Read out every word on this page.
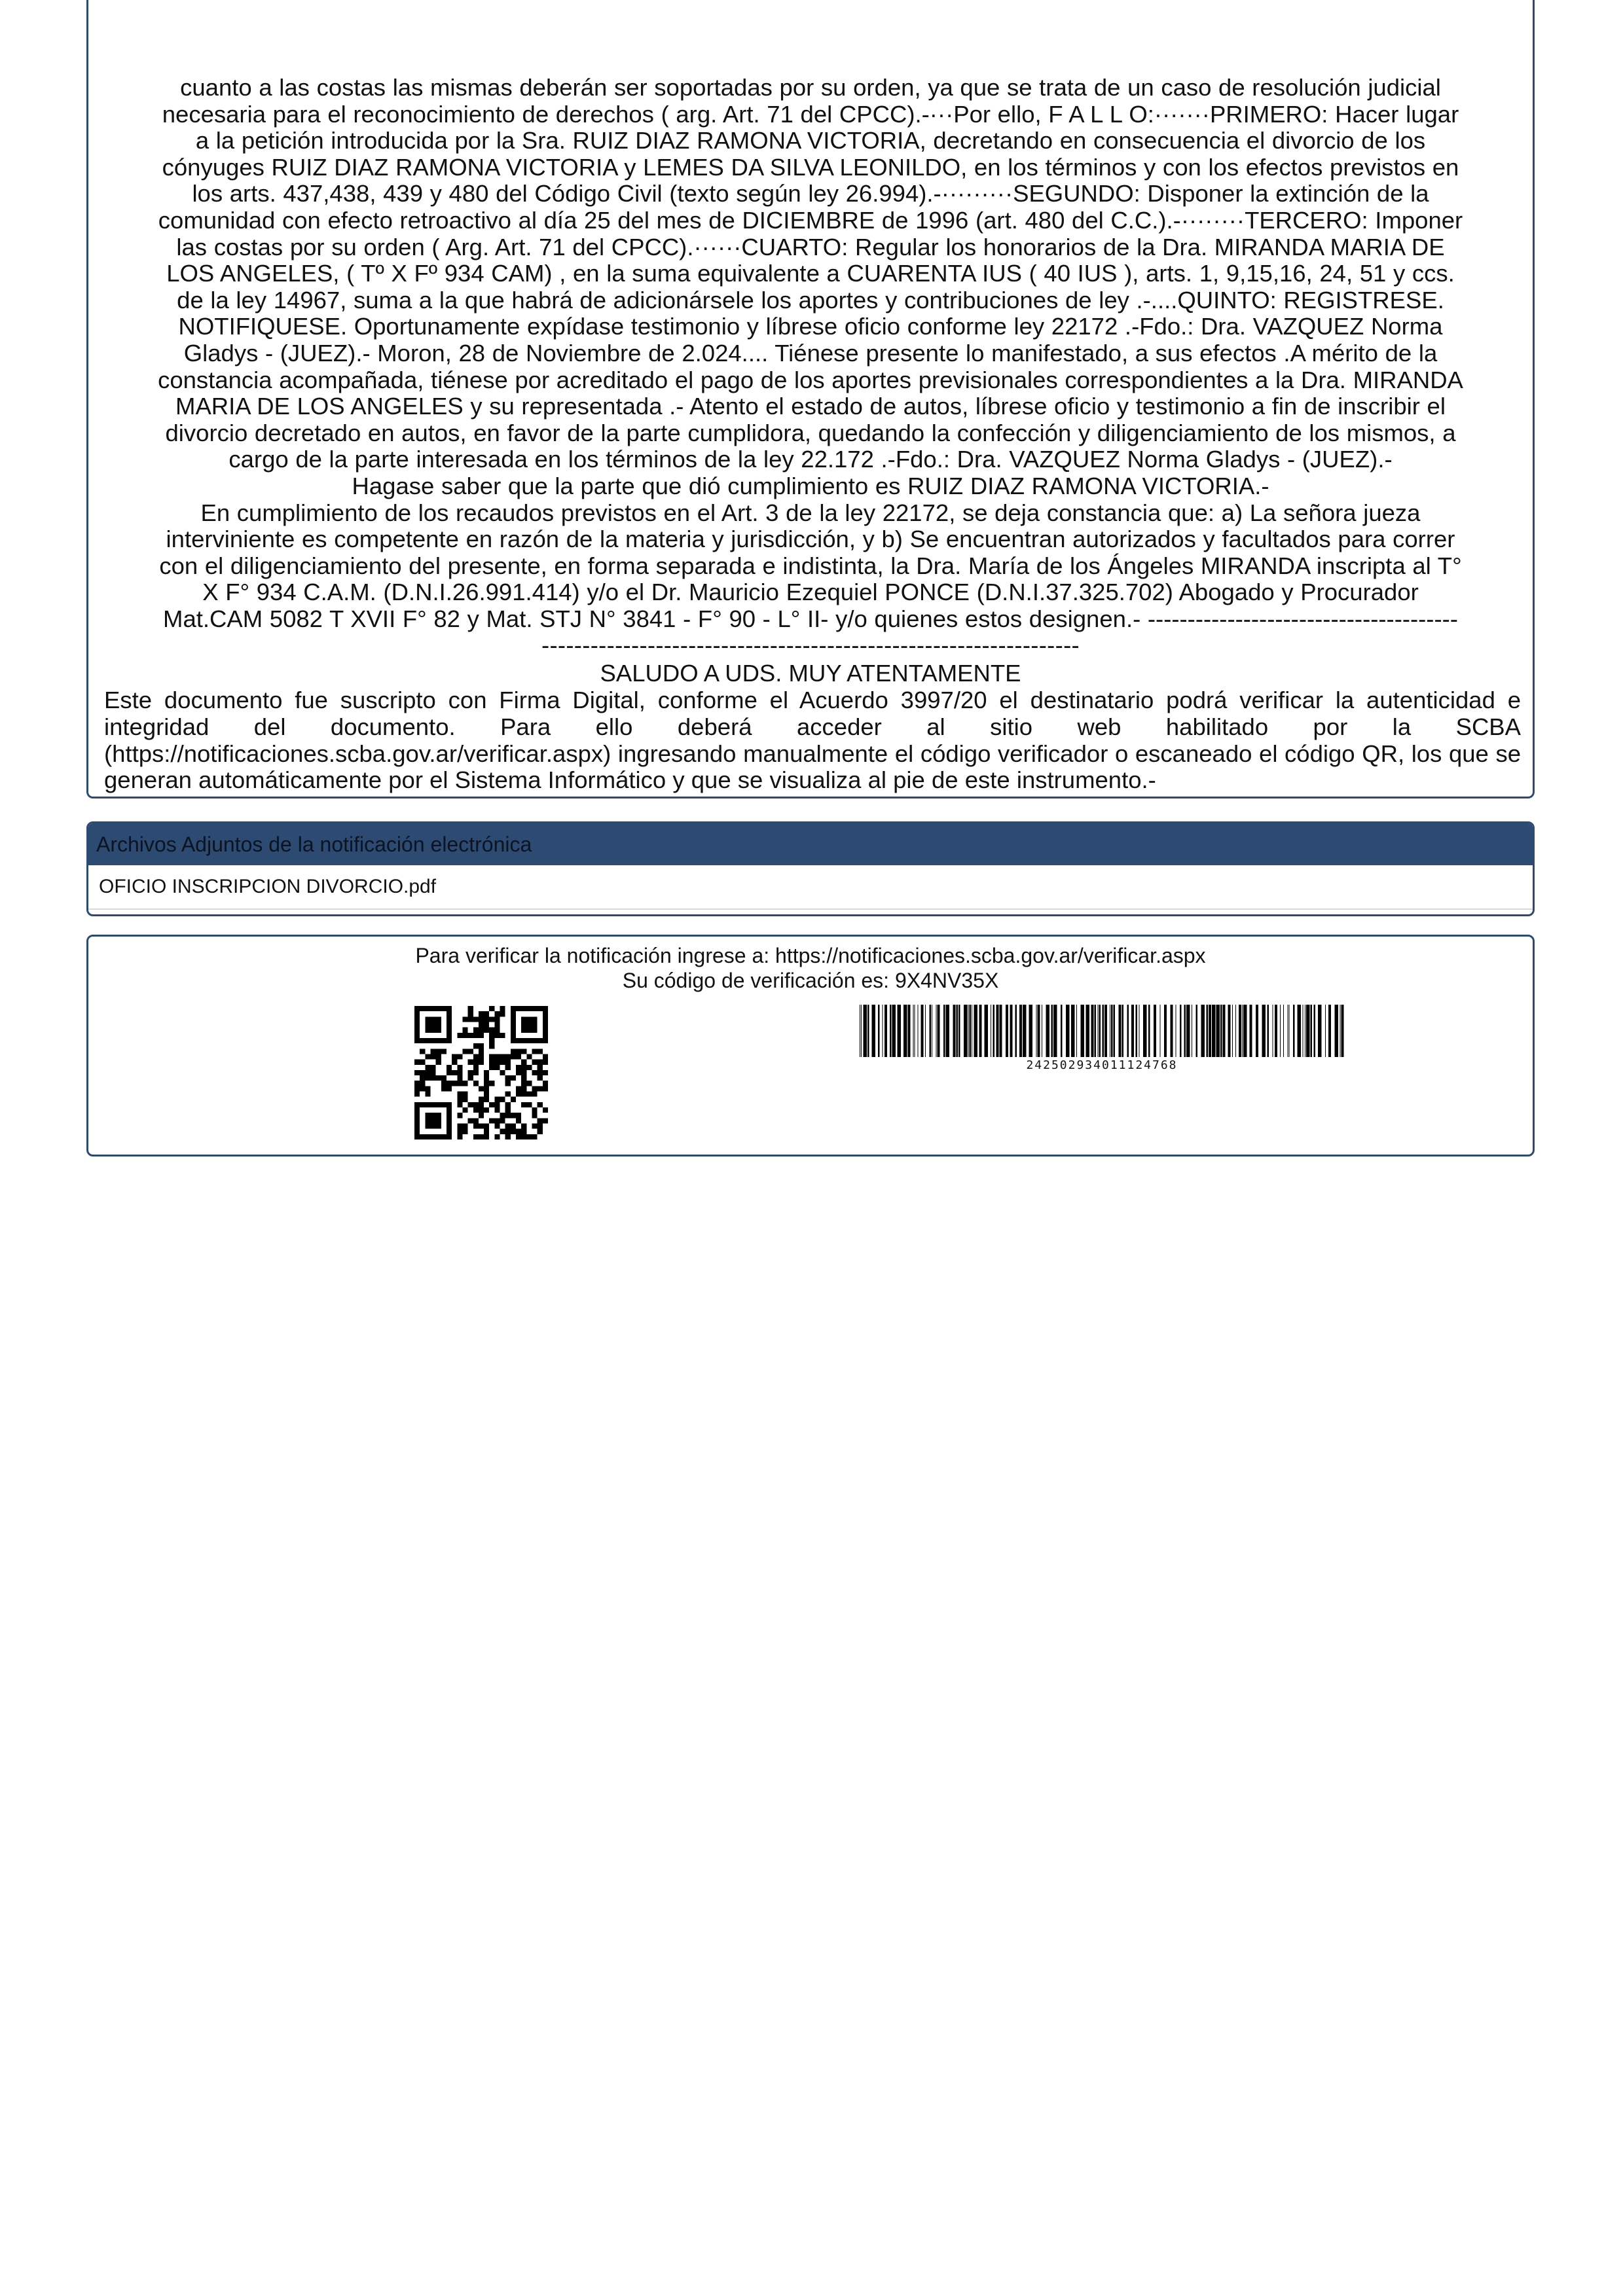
cuanto a las costas las mismas deberán ser soportadas por su orden, ya que se trata de un caso de resolución judicial

necesaria para el reconocimiento de derechos ( arg. Art. 71 del CPCC).-···Por ello, F A L L O:·······PRIMERO: Hacer lugar

a la petición introducida por la Sra. RUIZ DIAZ RAMONA VICTORIA, decretando en consecuencia el divorcio de los

cónyuges RUIZ DIAZ RAMONA VICTORIA y LEMES DA SILVA LEONILDO, en los términos y con los efectos previstos en

los arts. 437,438, 439 y 480 del Código Civil (texto según ley 26.994).-·········SEGUNDO: Disponer la extinción de la

comunidad con efecto retroactivo al día 25 del mes de DICIEMBRE de 1996 (art. 480 del C.C.).-········TERCERO: Imponer

las costas por su orden ( Arg. Art. 71 del CPCC).······CUARTO: Regular los honorarios de la Dra. MIRANDA MARIA DE

LOS ANGELES, ( Tº X Fº 934 CAM) , en la suma equivalente a CUARENTA IUS ( 40 IUS ), arts. 1, 9,15,16, 24, 51 y ccs.

de la ley 14967, suma a la que habrá de adicionársele los aportes y contribuciones de ley .-....QUINTO: REGISTRESE.

NOTIFIQUESE. Oportunamente expídase testimonio y líbrese oficio conforme ley 22172 .-Fdo.: Dra. VAZQUEZ Norma

Gladys - (JUEZ).- Moron, 28 de Noviembre de 2.024.... Tiénese presente lo manifestado, a sus efectos .A mérito de la

constancia acompañada, tiénese por acreditado el pago de los aportes previsionales correspondientes a la Dra. MIRANDA

MARIA DE LOS ANGELES y su representada .- Atento el estado de autos, líbrese oficio y testimonio a fin de inscribir el

divorcio decretado en autos, en favor de la parte cumplidora, quedando la confección y diligenciamiento de los mismos, a

cargo de la parte interesada en los términos de la ley 22.172 .-Fdo.: Dra. VAZQUEZ Norma Gladys - (JUEZ).-

Hagase saber que la parte que dió cumplimiento es RUIZ DIAZ RAMONA VICTORIA.-

En cumplimiento de los recaudos previstos en el Art. 3 de la ley 22172, se deja constancia que: a) La señora jueza

interviniente es competente en razón de la materia y jurisdicción, y b) Se encuentran autorizados y facultados para correr

con el diligenciamiento del presente, en forma separada e indistinta, la Dra. María de los Ángeles MIRANDA inscripta al T°

X F° 934 C.A.M. (D.N.I.26.991.414) y/o el Dr. Mauricio Ezequiel PONCE (D.N.I.37.325.702) Abogado y Procurador

Mat.CAM 5082 T XVII F° 82 y Mat. STJ N° 3841 - F° 90 - L° II- y/o quienes estos designen.- ---------------------------------------

------------------------------------------------------------------

SALUDO A UDS. MUY ATENTAMENTE

Este documento fue suscripto con Firma Digital, conforme el Acuerdo 3997/20 el destinatario podrá verificar la autenticidad e integridad del documento. Para ello deberá acceder al sitio web habilitado por la SCBA (https://notificaciones.scba.gov.ar/verificar.aspx) ingresando manualmente el código verificador o escaneado el código QR, los que se generan automáticamente por el Sistema Informático y que se visualiza al pie de este instrumento.-

Archivos Adjuntos de la notificación electrónica
OFICIO INSCRIPCION DIVORCIO.pdf
Para verificar la notificación ingrese a: https://notificaciones.scba.gov.ar/verificar.aspx
Su código de verificación es: 9X4NV35X
242502934011124768
